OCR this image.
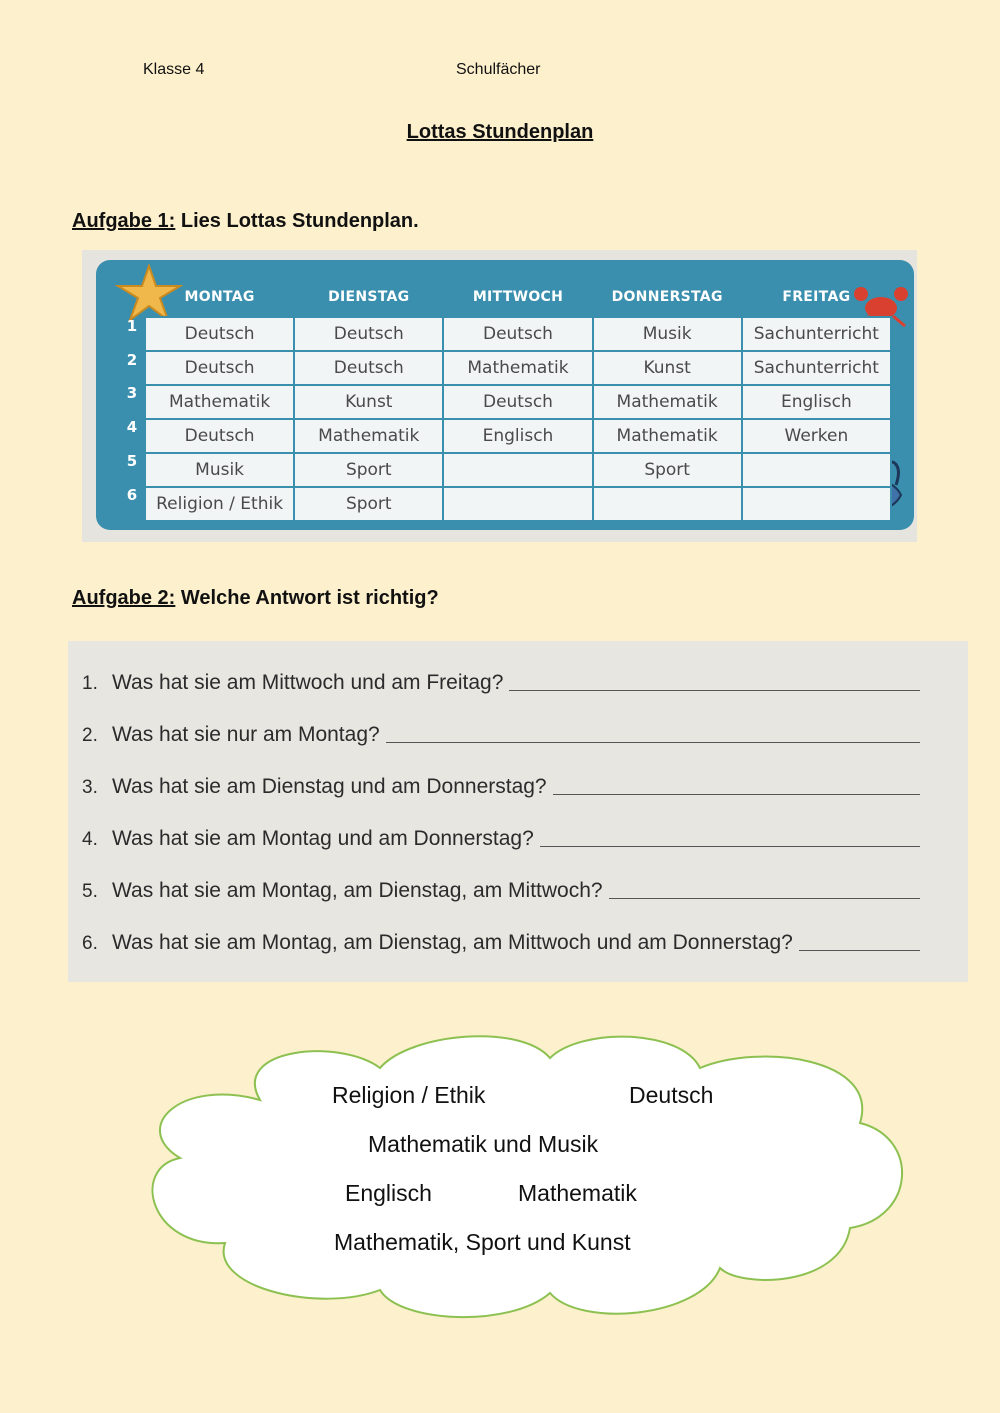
Klasse 4	Schulfächer
Lottas Stundenplan
Aufgabe 1: Lies Lottas Stundenplan.
1
2
3
4
5
6
MONTAG	DIENSTAG	MITTWOCH	DONNERSTAG	FREITAG
Deutsch	Deutsch	Deutsch	Musik	Sachunterricht
Deutsch	Deutsch	Mathematik	Kunst	Sachunterricht
Mathematik	Kunst	Deutsch	Mathematik	Englisch
Deutsch	Mathematik	Englisch	Mathematik	Werken
Musik	Sport		Sport	
Religion / Ethik	Sport			
Aufgabe 2: Welche Antwort ist richtig?
1. Was hat sie am Mittwoch und am Freitag?
2. Was hat sie nur am Montag?
3. Was hat sie am Dienstag und am Donnerstag?
4. Was hat sie am Montag und am Donnerstag?
5. Was hat sie am Montag, am Dienstag, am Mittwoch?
6. Was hat sie am Montag, am Dienstag, am Mittwoch und am Donnerstag?
Religion / Ethik	Deutsch
Mathematik und Musik
Englisch	Mathematik
Mathematik, Sport und Kunst
